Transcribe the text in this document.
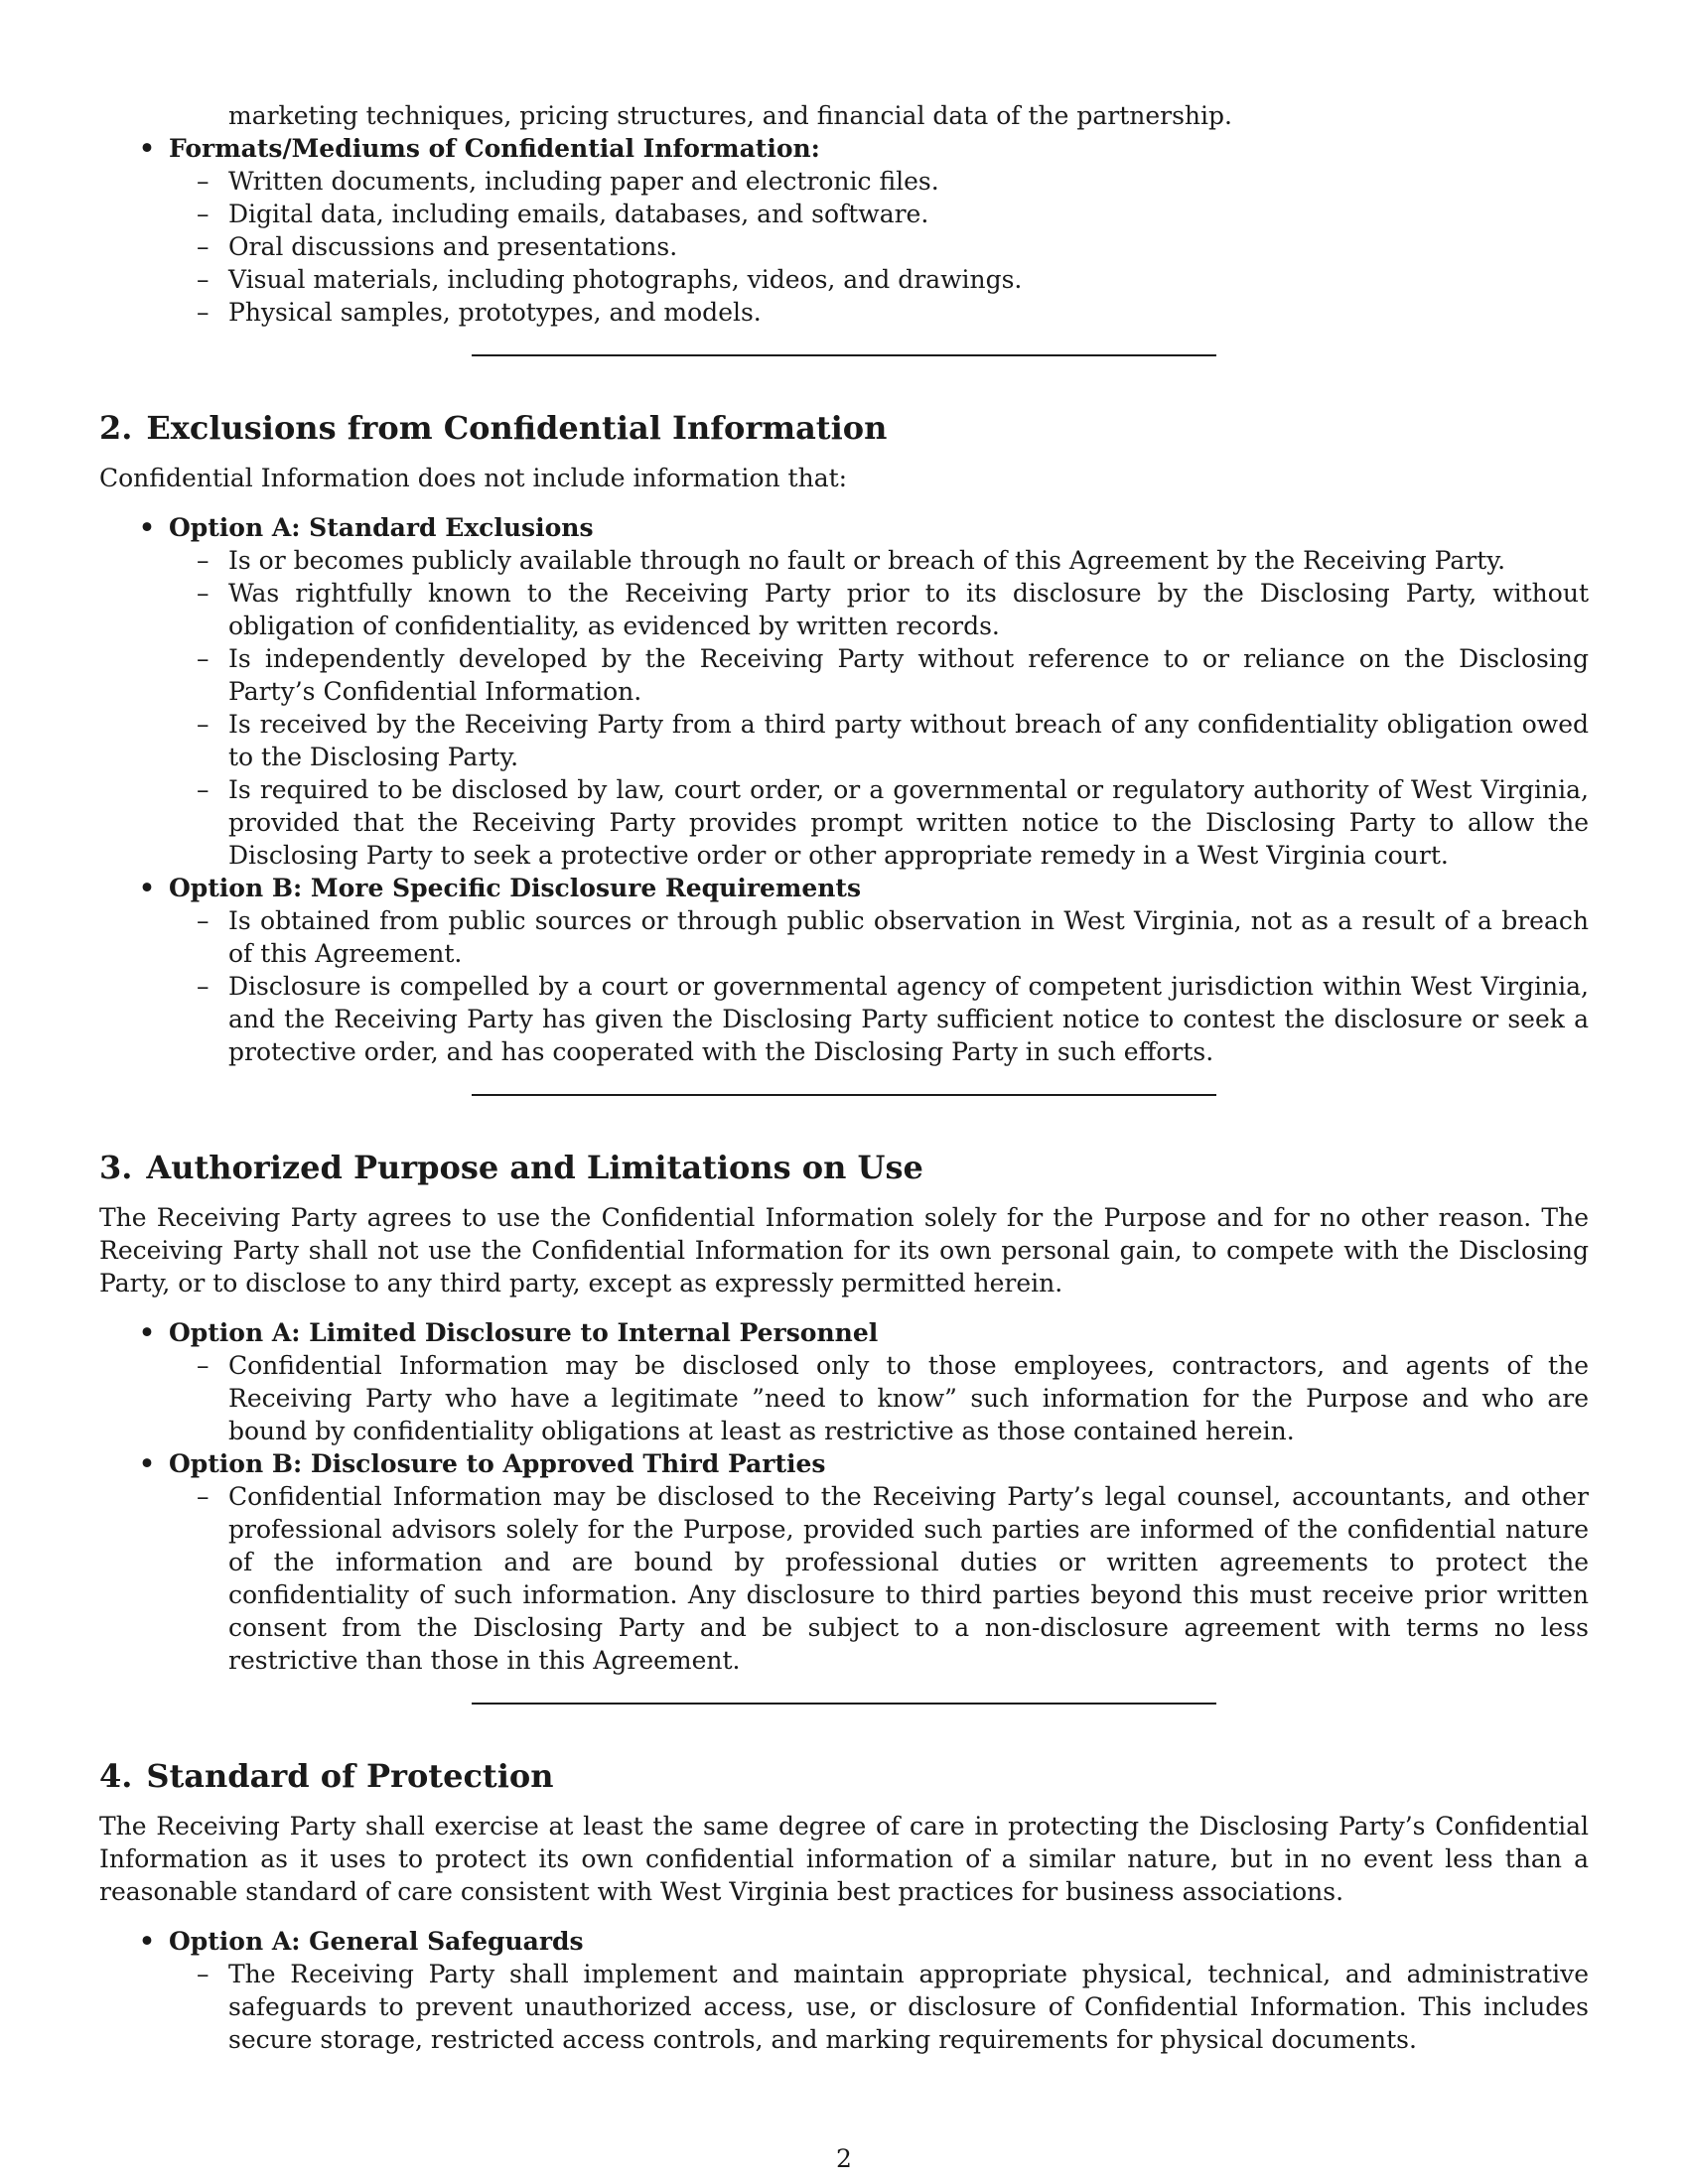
marketing techniques, pricing structures, and financial data of the partnership.
• Formats/Mediums of Confidential Information:
– Written documents, including paper and electronic files.
– Digital data, including emails, databases, and software.
– Oral discussions and presentations.
– Visual materials, including photographs, videos, and drawings.
– Physical samples, prototypes, and models.
2. Exclusions from Confidential Information

Confidential Information does not include information that:

• Option A: Standard Exclusions
– Is or becomes publicly available through no fault or breach of this Agreement by the Receiving Party.
– Was rightfully known to the Receiving Party prior to its disclosure by the Disclosing Party, without obligation of confidentiality, as evidenced by written records.
– Is independently developed by the Receiving Party without reference to or reliance on the Disclosing Party’s Confidential Information.
– Is received by the Receiving Party from a third party without breach of any confidentiality obligation owed to the Disclosing Party.
– Is required to be disclosed by law, court order, or a governmental or regulatory authority of West Virginia, provided that the Receiving Party provides prompt written notice to the Disclosing Party to allow the Disclosing Party to seek a protective order or other appropriate remedy in a West Virginia court.
• Option B: More Specific Disclosure Requirements
– Is obtained from public sources or through public observation in West Virginia, not as a result of a breach of this Agreement.
– Disclosure is compelled by a court or governmental agency of competent jurisdiction within West Virginia, and the Receiving Party has given the Disclosing Party sufficient notice to contest the disclosure or seek a protective order, and has cooperated with the Disclosing Party in such efforts.
3. Authorized Purpose and Limitations on Use

The Receiving Party agrees to use the Confidential Information solely for the Purpose and for no other reason. The Receiving Party shall not use the Confidential Information for its own personal gain, to compete with the Disclosing Party, or to disclose to any third party, except as expressly permitted herein.

• Option A: Limited Disclosure to Internal Personnel
– Confidential Information may be disclosed only to those employees, contractors, and agents of the Receiving Party who have a legitimate ”need to know” such information for the Purpose and who are bound by confidentiality obligations at least as restrictive as those contained herein.
• Option B: Disclosure to Approved Third Parties
– Confidential Information may be disclosed to the Receiving Party’s legal counsel, accountants, and other professional advisors solely for the Purpose, provided such parties are informed of the confidential nature of the information and are bound by professional duties or written agreements to protect the confidentiality of such information. Any disclosure to third parties beyond this must receive prior written consent from the Disclosing Party and be subject to a non-disclosure agreement with terms no less restrictive than those in this Agreement.
4. Standard of Protection

The Receiving Party shall exercise at least the same degree of care in protecting the Disclosing Party’s Confidential Information as it uses to protect its own confidential information of a similar nature, but in no event less than a reasonable standard of care consistent with West Virginia best practices for business associations.

• Option A: General Safeguards
– The Receiving Party shall implement and maintain appropriate physical, technical, and administrative safeguards to prevent unauthorized access, use, or disclosure of Confidential Information. This includes secure storage, restricted access controls, and marking requirements for physical documents.
2
